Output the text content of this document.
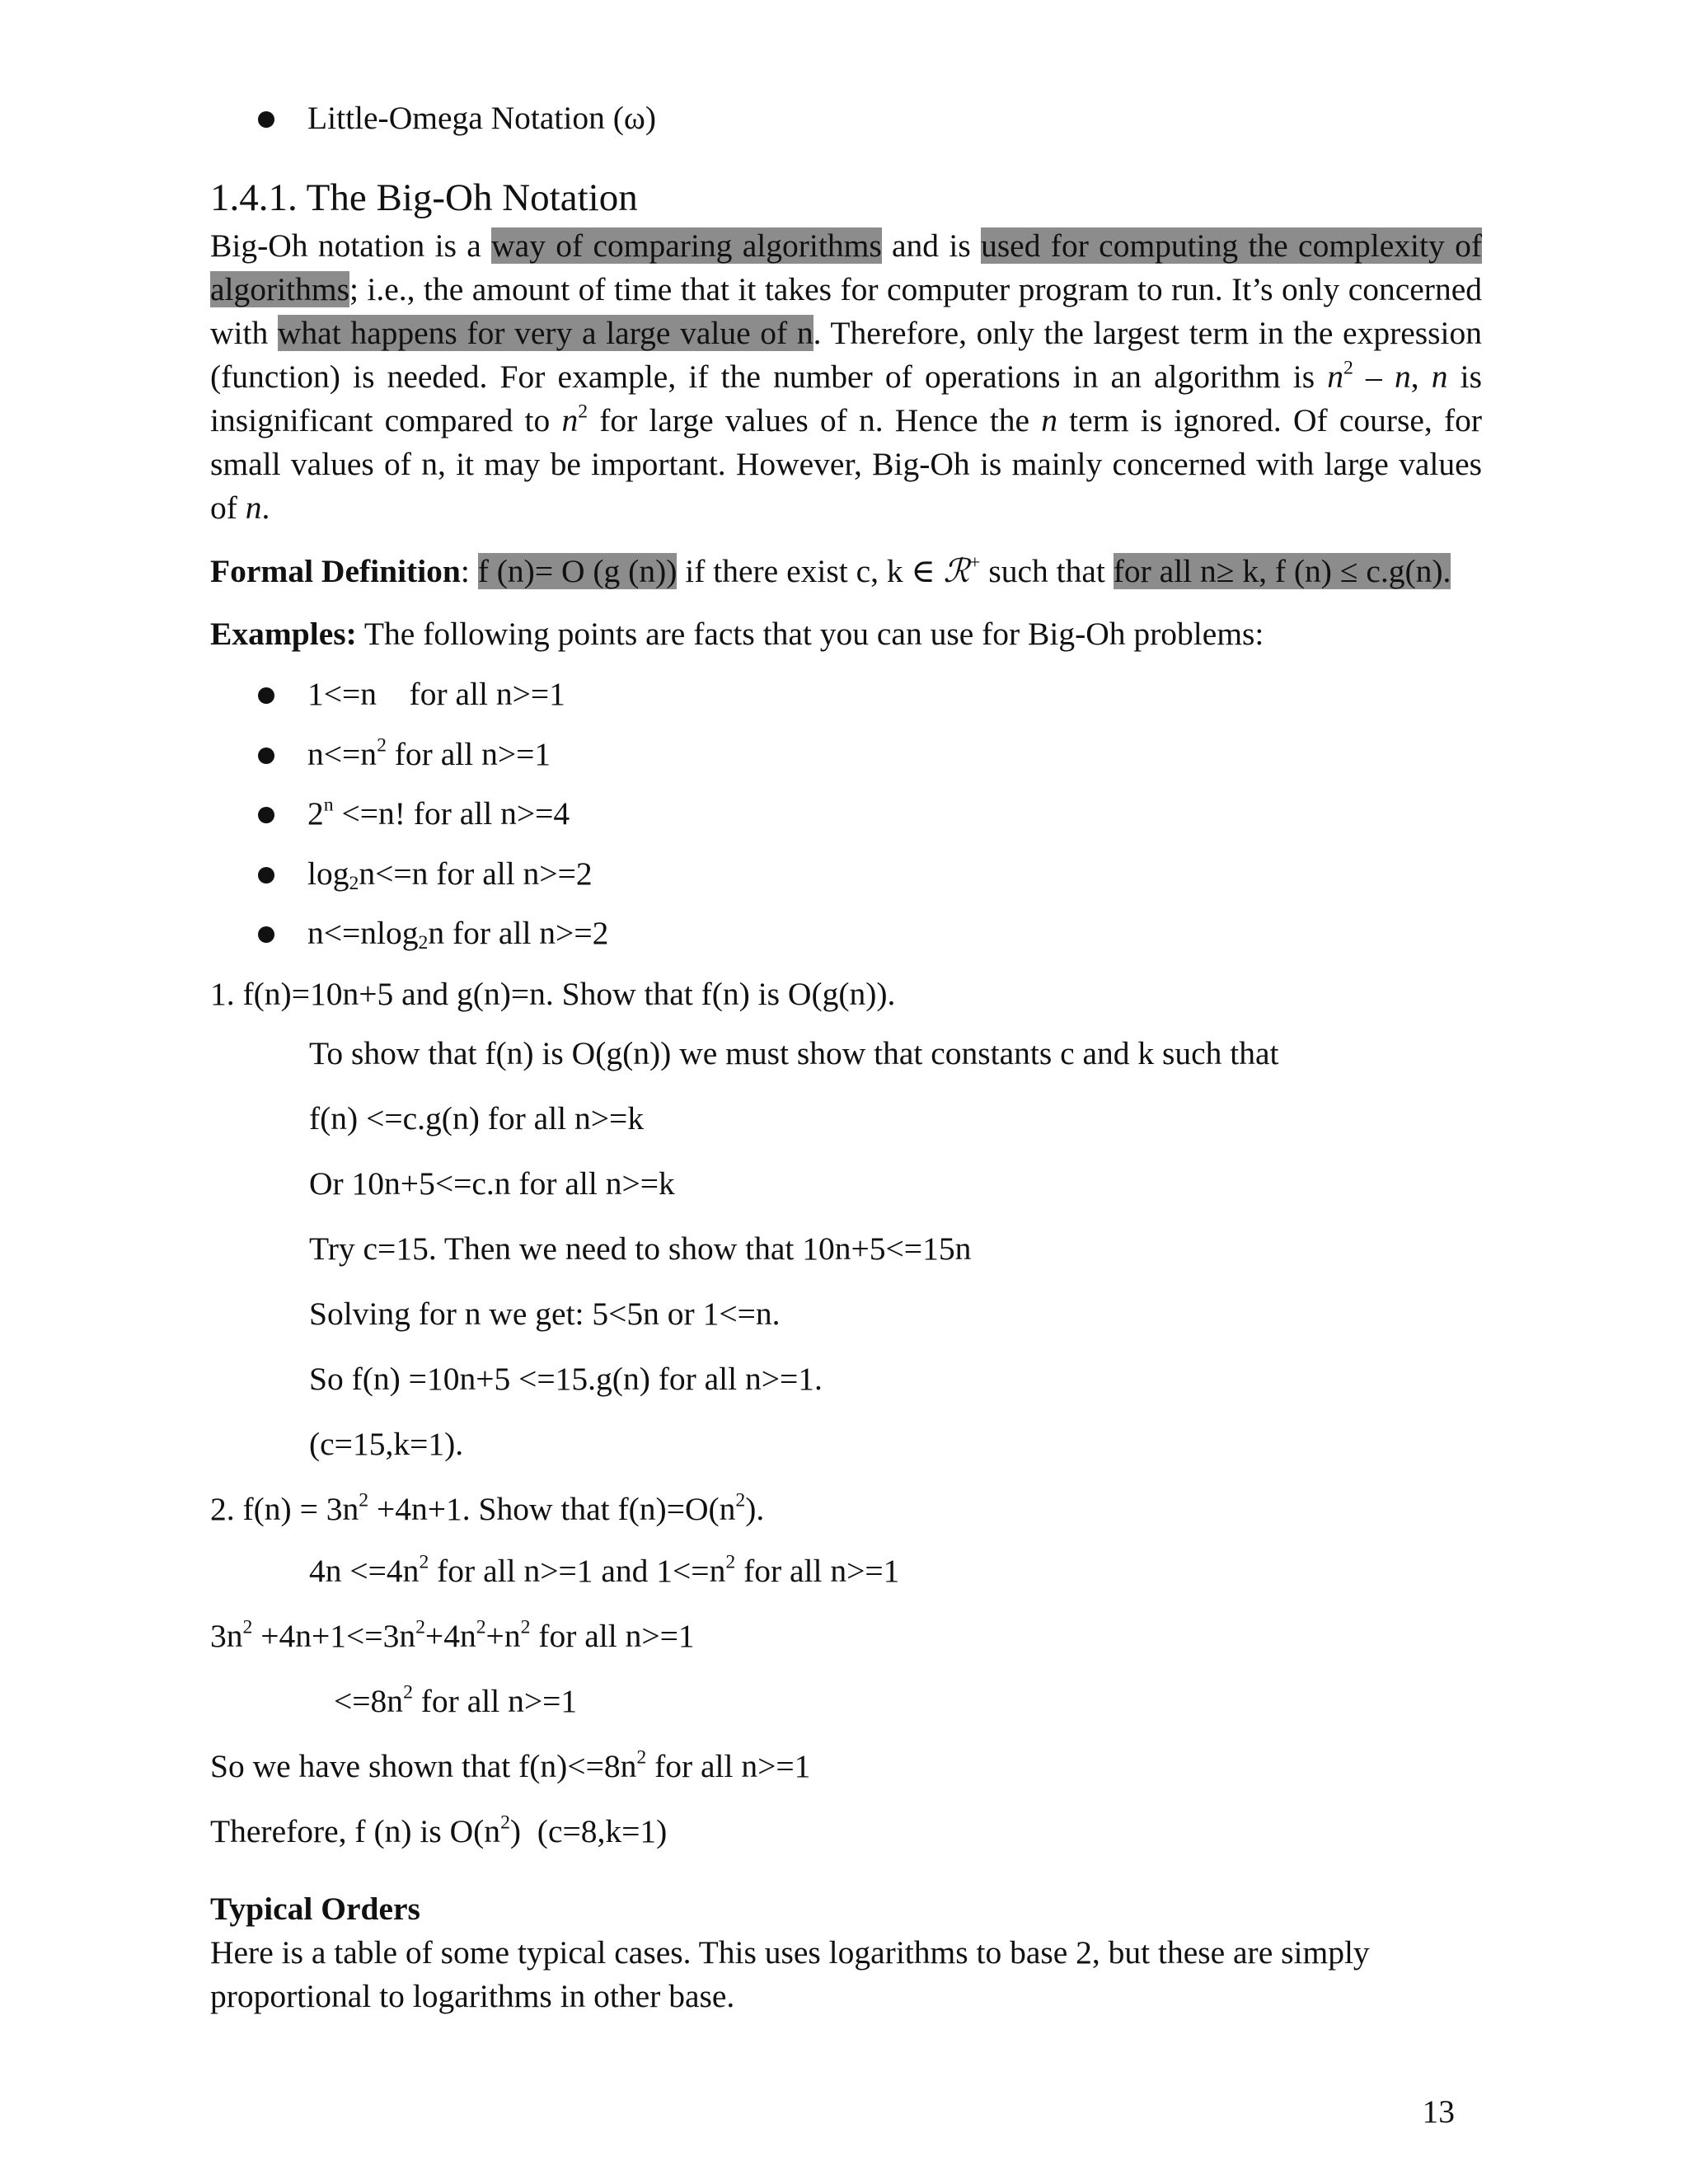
Little-Omega Notation (ω)
1.4.1. The Big-Oh Notation
Big-Oh notation is a way of comparing algorithms and is used for computing the complexity of algorithms; i.e., the amount of time that it takes for computer program to run. It’s only concerned with what happens for very a large value of n. Therefore, only the largest term in the expression (function) is needed. For example, if the number of operations in an algorithm is $n^2$ – n, n is insignificant compared to $n^2$ for large values of n. Hence the n term is ignored. Of course, for small values of n, it may be important. However, Big-Oh is mainly concerned with large values of n.
Formal Definition: f (n)= O (g (n)) if there exist c, k ∈ ℛ+ such that for all n≥ k, f (n) ≤ c.g(n).
Examples: The following points are facts that you can use for Big-Oh problems:
1<=n    for all n>=1
$n<=n^2$ for all n>=1
$2^n <=n$! for all n>=4
$\log_2n<=n$ for all n>=2
n<=nlog$_2$n for all n>=2
1. f(n)=10n+5 and g(n)=n. Show that f(n) is O(g(n)).
To show that f(n) is O(g(n)) we must show that constants c and k such that
f(n) <=c.g(n) for all n>=k
Or 10n+5<=c.n for all n>=k
Try c=15. Then we need to show that 10n+5<=15n
Solving for n we get: 5<5n or 1<=n.
So f(n) =10n+5 <=15.g(n) for all n>=1.
(c=15,k=1).
2. $f(n) = 3n^2 +4n+1$. Show that $f(n)=O(n^2)$.
$4n <=4n^2$ for all n>=1 and $1<=n^2$ for all n>=1
$3n^2 +4n+1<=3n^2+4n^2+n^2$ for all n>=1
$<=8n^2$ for all n>=1
So we have shown that $f(n)<=8n^2$ for all n>=1
Therefore, f (n) is $O(n^2)$  (c=8,k=1)
Typical Orders
Here is a table of some typical cases. This uses logarithms to base 2, but these are simply proportional to logarithms in other base.
13
